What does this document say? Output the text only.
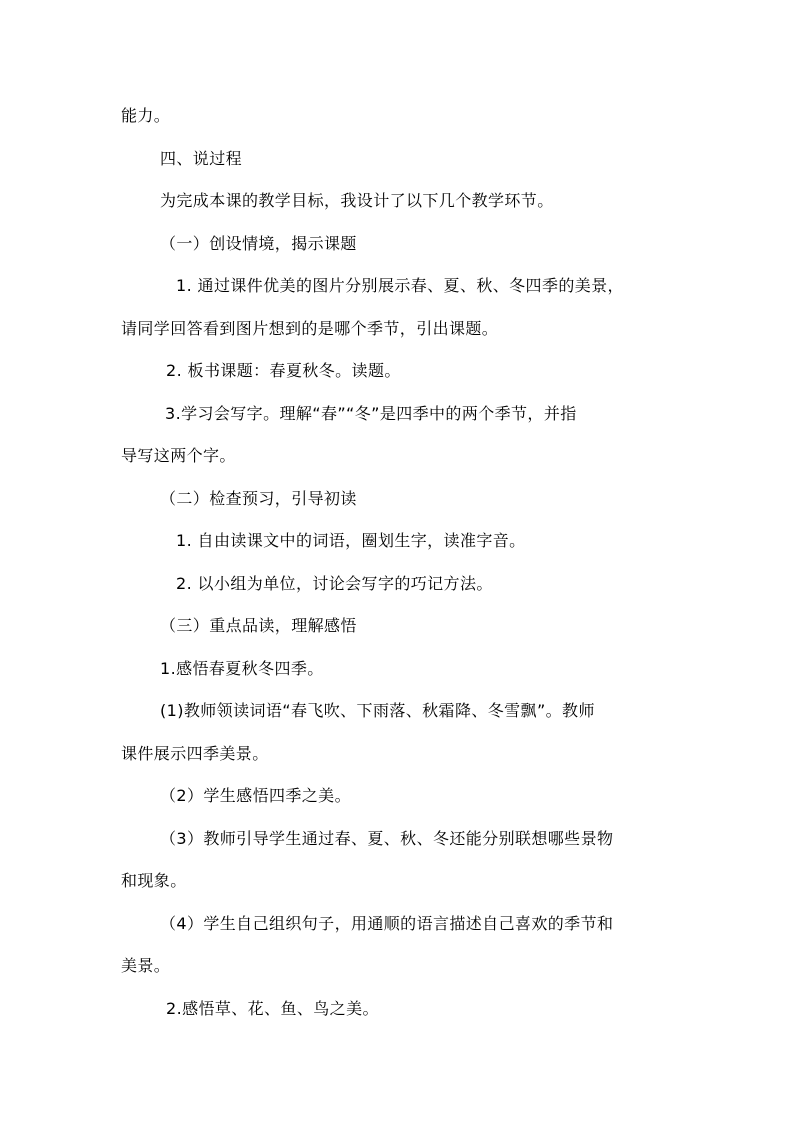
能力。
四、说过程
为完成本课的教学目标，我设计了以下几个教学环节。
（一）创设情境，揭示课题
1. 通过课件优美的图片分别展示春、夏、秋、冬四季的美景，
请同学回答看到图片想到的是哪个季节，引出课题。
2. 板书课题：春夏秋冬。读题。
3.学习会写字。理解“春”“冬”是四季中的两个季节，并指
导写这两个字。
（二）检查预习，引导初读
1. 自由读课文中的词语，圈划生字，读准字音。
2. 以小组为单位，讨论会写字的巧记方法。
（三）重点品读，理解感悟
1.感悟春夏秋冬四季。
(1)教师领读词语“春飞吹、下雨落、秋霜降、冬雪飘”。教师
课件展示四季美景。
（2）学生感悟四季之美。
（3）教师引导学生通过春、夏、秋、冬还能分别联想哪些景物
和现象。
（4）学生自己组织句子，用通顺的语言描述自己喜欢的季节和
美景。
2.感悟草、花、鱼、鸟之美。
